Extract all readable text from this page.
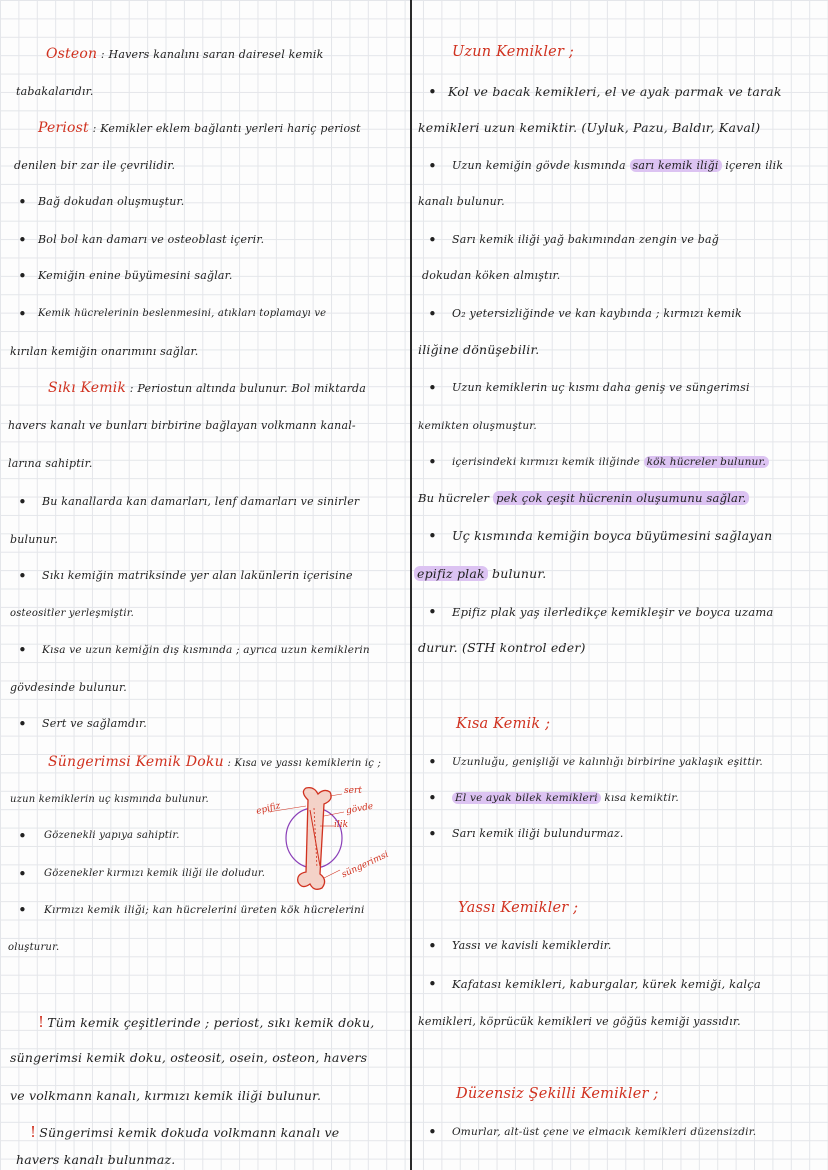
Osteon : Havers kanalını saran dairesel kemik
tabakalarıdır.
Periost : Kemikler eklem bağlantı yerleri hariç periost
denilen bir zar ile çevrilidir.
• Bağ dokudan oluşmuştur.
• Bol bol kan damarı ve osteoblast içerir.
• Kemiğin enine büyümesini sağlar.
• Kemik hücrelerinin beslenmesini, atıkları toplamayı ve
kırılan kemiğin onarımını sağlar.
Sıkı Kemik : Periostun altında bulunur. Bol miktarda
havers kanalı ve bunları birbirine bağlayan volkmann kanal-
larına sahiptir.
• Bu kanallarda kan damarları, lenf damarları ve sinirler
bulunur.
• Sıkı kemiğin matriksinde yer alan lakünlerin içerisine
osteositler yerleşmiştir.
• Kısa ve uzun kemiğin dış kısmında ; ayrıca uzun kemiklerin
gövdesinde bulunur.
• Sert ve sağlamdır.
Süngerimsi Kemik Doku : Kısa ve yassı kemiklerin iç ;
uzun kemiklerin uç kısmında bulunur.
• Gözenekli yapıya sahiptir.
• Gözenekler kırmızı kemik iliği ile doludur.
• Kırmızı kemik iliği; kan hücrelerini üreten kök hücrelerini
oluşturur.
epifiz
sert
gövde
ilik
süngerimsi
! Tüm kemik çeşitlerinde ; periost, sıkı kemik doku,
süngerimsi kemik doku, osteosit, osein, osteon, havers
ve volkmann kanalı, kırmızı kemik iliği bulunur.
! Süngerimsi kemik dokuda volkmann kanalı ve
havers kanalı bulunmaz.
Uzun Kemikler ;
• Kol ve bacak kemikleri, el ve ayak parmak ve tarak
kemikleri uzun kemiktir. (Uyluk, Pazu, Baldır, Kaval)
• Uzun kemiğin gövde kısmında sarı kemik iliği içeren ilik
kanalı bulunur.
• Sarı kemik iliği yağ bakımından zengin ve bağ
dokudan köken almıştır.
• O₂ yetersizliğinde ve kan kaybında ; kırmızı kemik
iliğine dönüşebilir.
• Uzun kemiklerin uç kısmı daha geniş ve süngerimsi
kemikten oluşmuştur.
• içerisindeki kırmızı kemik iliğinde kök hücreler bulunur.
Bu hücreler pek çok çeşit hücrenin oluşumunu sağlar.
• Uç kısmında kemiğin boyca büyümesini sağlayan
epifiz plak bulunur.
• Epifiz plak yaş ilerledikçe kemikleşir ve boyca uzama
durur. (STH kontrol eder)
Kısa Kemik ;
• Uzunluğu, genişliği ve kalınlığı birbirine yaklaşık eşittir.
• El ve ayak bilek kemikleri kısa kemiktir.
• Sarı kemik iliği bulundurmaz.
Yassı Kemikler ;
• Yassı ve kavisli kemiklerdir.
• Kafatası kemikleri, kaburgalar, kürek kemiği, kalça
kemikleri, köprücük kemikleri ve göğüs kemiği yassıdır.
Düzensiz Şekilli Kemikler ;
• Omurlar, alt-üst çene ve elmacık kemikleri düzensizdir.
